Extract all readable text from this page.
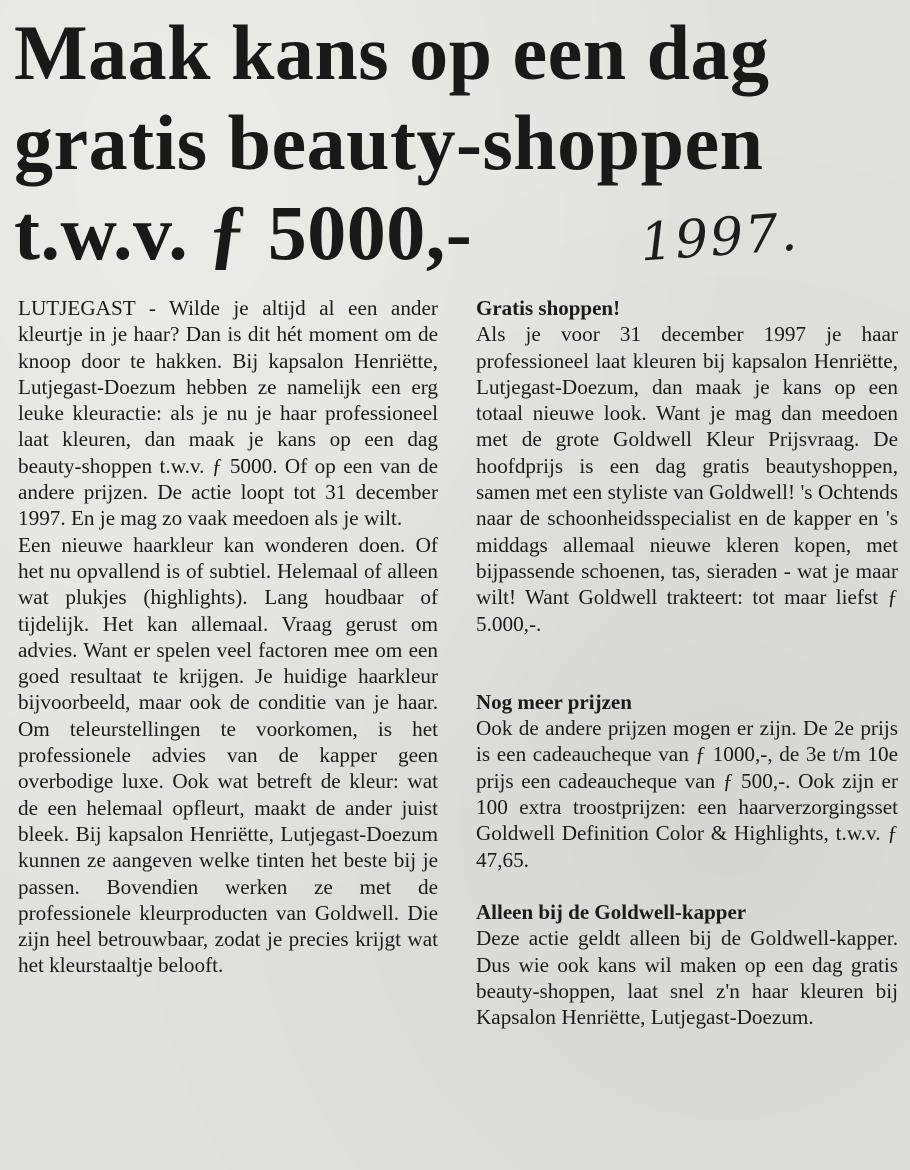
Maak kans op een dag
gratis beauty-shoppen
t.w.v. ƒ 5000,-	1997.

LUTJEGAST - Wilde je altijd al een ander kleurtje in je haar? Dan is dit hét moment om de knoop door te hakken. Bij kapsalon Henriëtte, Lutjegast-Doezum hebben ze namelijk een erg leuke kleuractie: als je nu je haar professioneel laat kleuren, dan maak je kans op een dag beauty-shoppen t.w.v. ƒ 5000. Of op een van de andere prijzen. De actie loopt tot 31 december 1997. En je mag zo vaak meedoen als je wilt.

Een nieuwe haarkleur kan wonderen doen. Of het nu opvallend is of subtiel. Helemaal of alleen wat plukjes (highlights). Lang houdbaar of tijdelijk. Het kan allemaal. Vraag gerust om advies. Want er spelen veel factoren mee om een goed resultaat te krijgen. Je huidige haarkleur bijvoorbeeld, maar ook de conditie van je haar. Om teleurstellingen te voorkomen, is het professionele advies van de kapper geen overbodige luxe. Ook wat betreft de kleur: wat de een helemaal opfleurt, maakt de ander juist bleek. Bij kapsalon Henriëtte, Lutjegast-Doezum kunnen ze aangeven welke tinten het beste bij je passen. Bovendien werken ze met de professionele kleurproducten van Goldwell. Die zijn heel betrouwbaar, zodat je precies krijgt wat het kleurstaaltje belooft.

Gratis shoppen!

Als je voor 31 december 1997 je haar professioneel laat kleuren bij kapsalon Henriëtte, Lutjegast-Doezum, dan maak je kans op een totaal nieuwe look. Want je mag dan meedoen met de grote Goldwell Kleur Prijsvraag. De hoofdprijs is een dag gratis beautyshoppen, samen met een styliste van Goldwell! 's Ochtends naar de schoonheidsspecialist en de kapper en 's middags allemaal nieuwe kleren kopen, met bijpassende schoenen, tas, sieraden - wat je maar wilt! Want Goldwell trakteert: tot maar liefst ƒ 5.000,-.

Nog meer prijzen

Ook de andere prijzen mogen er zijn. De 2e prijs is een cadeaucheque van ƒ 1000,-, de 3e t/m 10e prijs een cadeaucheque van ƒ 500,-. Ook zijn er 100 extra troostprijzen: een haarverzorgingsset Goldwell Definition Color & Highlights, t.w.v. ƒ 47,65.

Alleen bij de Goldwell-kapper

Deze actie geldt alleen bij de Goldwell-kapper. Dus wie ook kans wil maken op een dag gratis beauty-shoppen, laat snel z'n haar kleuren bij Kapsalon Henriëtte, Lutjegast-Doezum.
